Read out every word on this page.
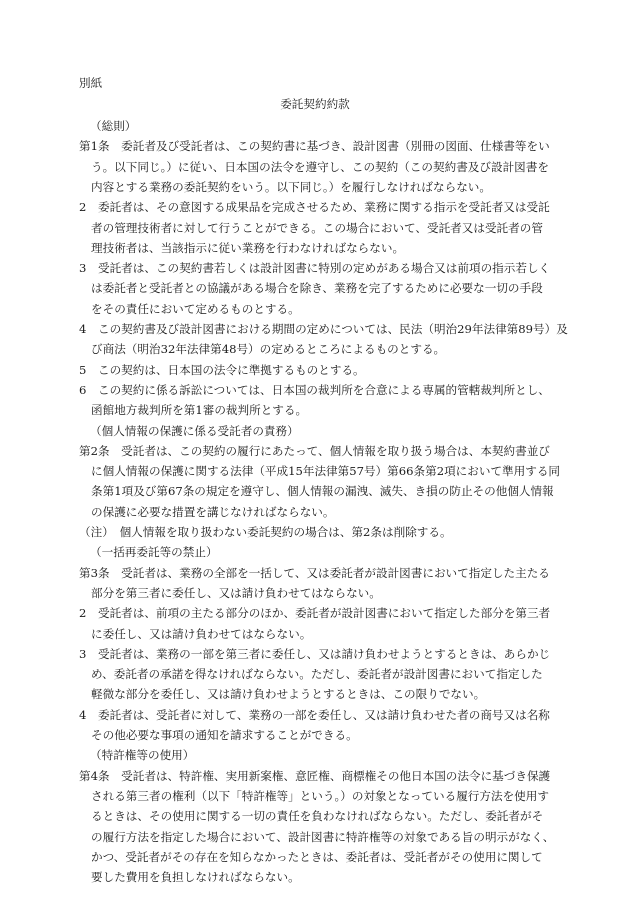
別紙
委託契約約款
（総則）
第1条　委託者及び受託者は、この契約書に基づき、設計図書（別冊の図面、仕様書等をい
う。以下同じ。）に従い、日本国の法令を遵守し、この契約（この契約書及び設計図書を
内容とする業務の委託契約をいう。以下同じ。）を履行しなければならない。
2　委託者は、その意図する成果品を完成させるため、業務に関する指示を受託者又は受託
者の管理技術者に対して行うことができる。この場合において、受託者又は受託者の管
理技術者は、当該指示に従い業務を行わなければならない。
3　受託者は、この契約書若しくは設計図書に特別の定めがある場合又は前項の指示若しく
は委託者と受託者との協議がある場合を除き、業務を完了するために必要な一切の手段
をその責任において定めるものとする。
4　この契約書及び設計図書における期間の定めについては、民法（明治29年法律第89号）及
び商法（明治32年法律第48号）の定めるところによるものとする。
5　この契約は、日本国の法令に準拠するものとする。
6　この契約に係る訴訟については、日本国の裁判所を合意による専属的管轄裁判所とし、
函館地方裁判所を第1審の裁判所とする。
（個人情報の保護に係る受託者の責務）
第2条　受託者は、この契約の履行にあたって、個人情報を取り扱う場合は、本契約書並び
に個人情報の保護に関する法律（平成15年法律第57号）第66条第2項において準用する同
条第1項及び第67条の規定を遵守し、個人情報の漏洩、滅失、き損の防止その他個人情報
の保護に必要な措置を講じなければならない。
（注）　個人情報を取り扱わない委託契約の場合は、第2条は削除する。
（一括再委託等の禁止）
第3条　受託者は、業務の全部を一括して、又は委託者が設計図書において指定した主たる
部分を第三者に委任し、又は請け負わせてはならない。
2　受託者は、前項の主たる部分のほか、委託者が設計図書において指定した部分を第三者
に委任し、又は請け負わせてはならない。
3　受託者は、業務の一部を第三者に委任し、又は請け負わせようとするときは、あらかじ
め、委託者の承諾を得なければならない。ただし、委託者が設計図書において指定した
軽微な部分を委任し、又は請け負わせようとするときは、この限りでない。
4　委託者は、受託者に対して、業務の一部を委任し、又は請け負わせた者の商号又は名称
その他必要な事項の通知を請求することができる。
（特許権等の使用）
第4条　受託者は、特許権、実用新案権、意匠権、商標権その他日本国の法令に基づき保護
される第三者の権利（以下「特許権等」という。）の対象となっている履行方法を使用す
るときは、その使用に関する一切の責任を負わなければならない。ただし、委託者がそ
の履行方法を指定した場合において、設計図書に特許権等の対象である旨の明示がなく、
かつ、受託者がその存在を知らなかったときは、委託者は、受託者がその使用に関して
要した費用を負担しなければならない。
